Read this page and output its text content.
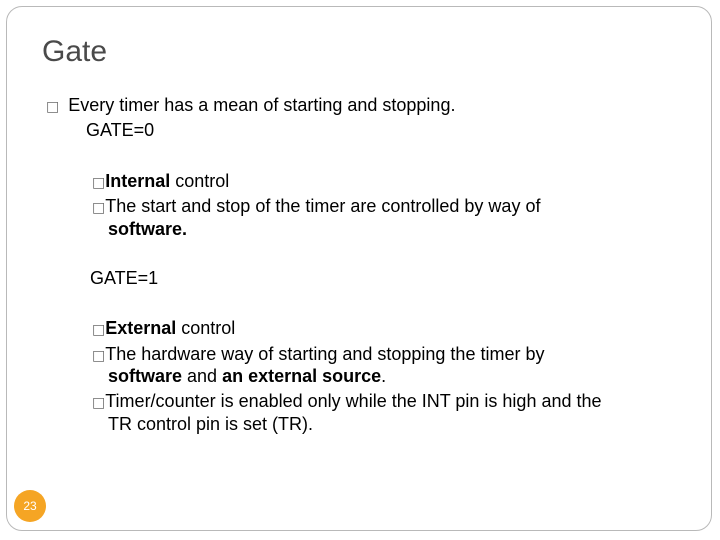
Gate
□ Every timer has a mean of starting and stopping.
GATE=0
□Internal control
□The start and stop of the timer are controlled by way of
software.
GATE=1
□External control
□The hardware way of starting and stopping the timer by
software and an external source.
□Timer/counter is enabled only while the INT pin is high and the
TR control pin is set (TR).
23
